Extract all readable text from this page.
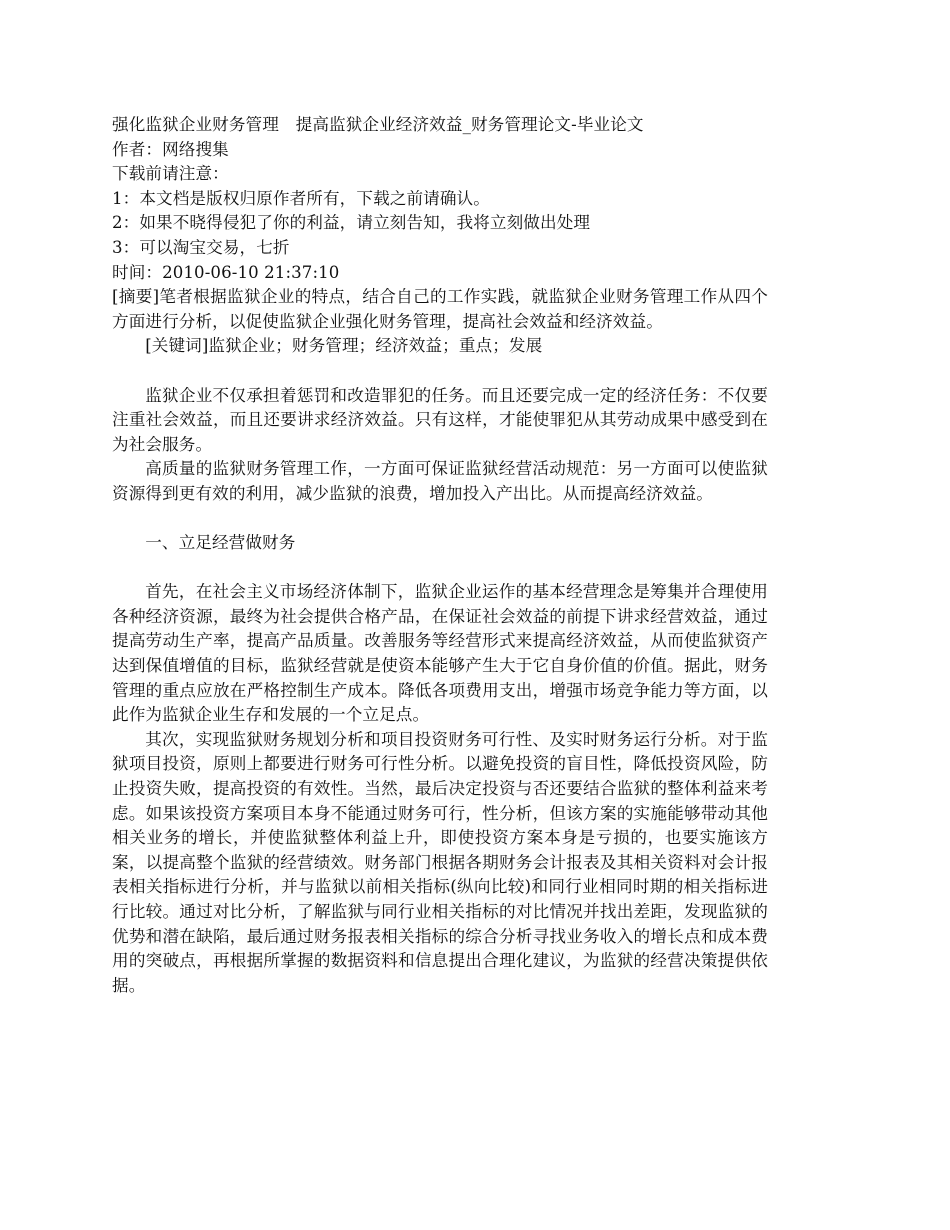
强化监狱企业财务管理　提高监狱企业经济效益_财务管理论文-毕业论文
作者：网络搜集
下载前请注意：
1：本文档是版权归原作者所有，下载之前请确认。
2：如果不晓得侵犯了你的利益，请立刻告知，我将立刻做出处理
3：可以淘宝交易，七折
时间：2010-06-10 21:37:10
[摘要]笔者根据监狱企业的特点，结合自己的工作实践，就监狱企业财务管理工作从四个方面进行分析，以促使监狱企业强化财务管理，提高社会效益和经济效益。
[关键词]监狱企业；财务管理；经济效益；重点；发展
监狱企业不仅承担着惩罚和改造罪犯的任务。而且还要完成一定的经济任务：不仅要注重社会效益，而且还要讲求经济效益。只有这样，才能使罪犯从其劳动成果中感受到在为社会服务。
高质量的监狱财务管理工作，一方面可保证监狱经营活动规范：另一方面可以使监狱资源得到更有效的利用，减少监狱的浪费，增加投入产出比。从而提高经济效益。
一、立足经营做财务
首先，在社会主义市场经济体制下，监狱企业运作的基本经营理念是筹集并合理使用各种经济资源，最终为社会提供合格产品，在保证社会效益的前提下讲求经营效益，通过提高劳动生产率，提高产品质量。改善服务等经营形式来提高经济效益，从而使监狱资产达到保值增值的目标，监狱经营就是使资本能够产生大于它自身价值的价值。据此，财务管理的重点应放在严格控制生产成本。降低各项费用支出，增强市场竞争能力等方面，以此作为监狱企业生存和发展的一个立足点。
其次，实现监狱财务规划分析和项目投资财务可行性、及实时财务运行分析。对于监狱项目投资，原则上都要进行财务可行性分析。以避免投资的盲目性，降低投资风险，防止投资失败，提高投资的有效性。当然，最后决定投资与否还要结合监狱的整体利益来考虑。如果该投资方案项目本身不能通过财务可行，性分析，但该方案的实施能够带动其他相关业务的增长，并使监狱整体利益上升，即使投资方案本身是亏损的，也要实施该方案，以提高整个监狱的经营绩效。财务部门根据各期财务会计报表及其相关资料对会计报表相关指标进行分析，并与监狱以前相关指标(纵向比较)和同行业相同时期的相关指标进行比较。通过对比分析，了解监狱与同行业相关指标的对比情况并找出差距，发现监狱的优势和潜在缺陷，最后通过财务报表相关指标的综合分析寻找业务收入的增长点和成本费用的突破点，再根据所掌握的数据资料和信息提出合理化建议，为监狱的经营决策提供依据。
